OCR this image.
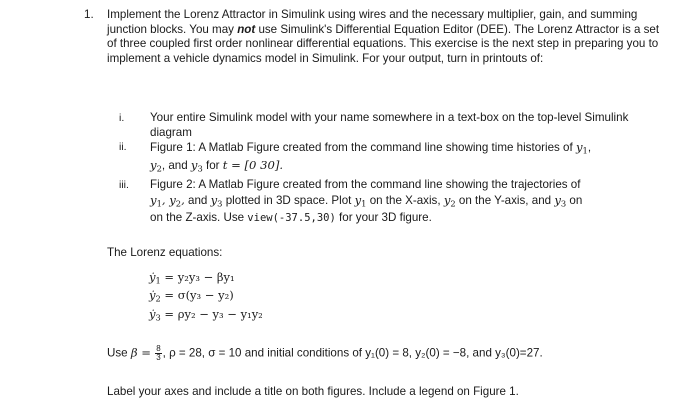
1. Implement the Lorenz Attractor in Simulink using wires and the necessary multiplier, gain, and summing junction blocks. You may not use Simulink's Differential Equation Editor (DEE). The Lorenz Attractor is a set of three coupled first order nonlinear differential equations. This exercise is the next step in preparing you to implement a vehicle dynamics model in Simulink. For your output, turn in printouts of:
i. Your entire Simulink model with your name somewhere in a text-box on the top-level Simulink diagram
ii. Figure 1: A Matlab Figure created from the command line showing time histories of $y_1$,
$y_2$, and $y_3$ for t = [0 30].
iii. Figure 2: A Matlab Figure created from the command line showing the trajectories of
$y_1$, $y_2$, and $y_3$ plotted in 3D space. Plot $y_1$ on the X-axis, $y_2$ on the Y-axis, and $y_3$ on
on the Z-axis. Use view(-37.5,30) for your 3D figure.
The Lorenz equations:
$ẏ_1 = y_2y_3 - \beta y_1$
$ẏ_2 = \sigma(y_3 - y_2)$
$ẏ_3 = \rho y_2 - y_3 - y_1y_2$
Use $\beta = \frac{8}{3}$ , ρ = 28, σ = 10 and initial conditions of y₁(0) = 8, y₂(0) = −8, and y₃(0)=27.
Label your axes and include a title on both figures. Include a legend on Figure 1.
